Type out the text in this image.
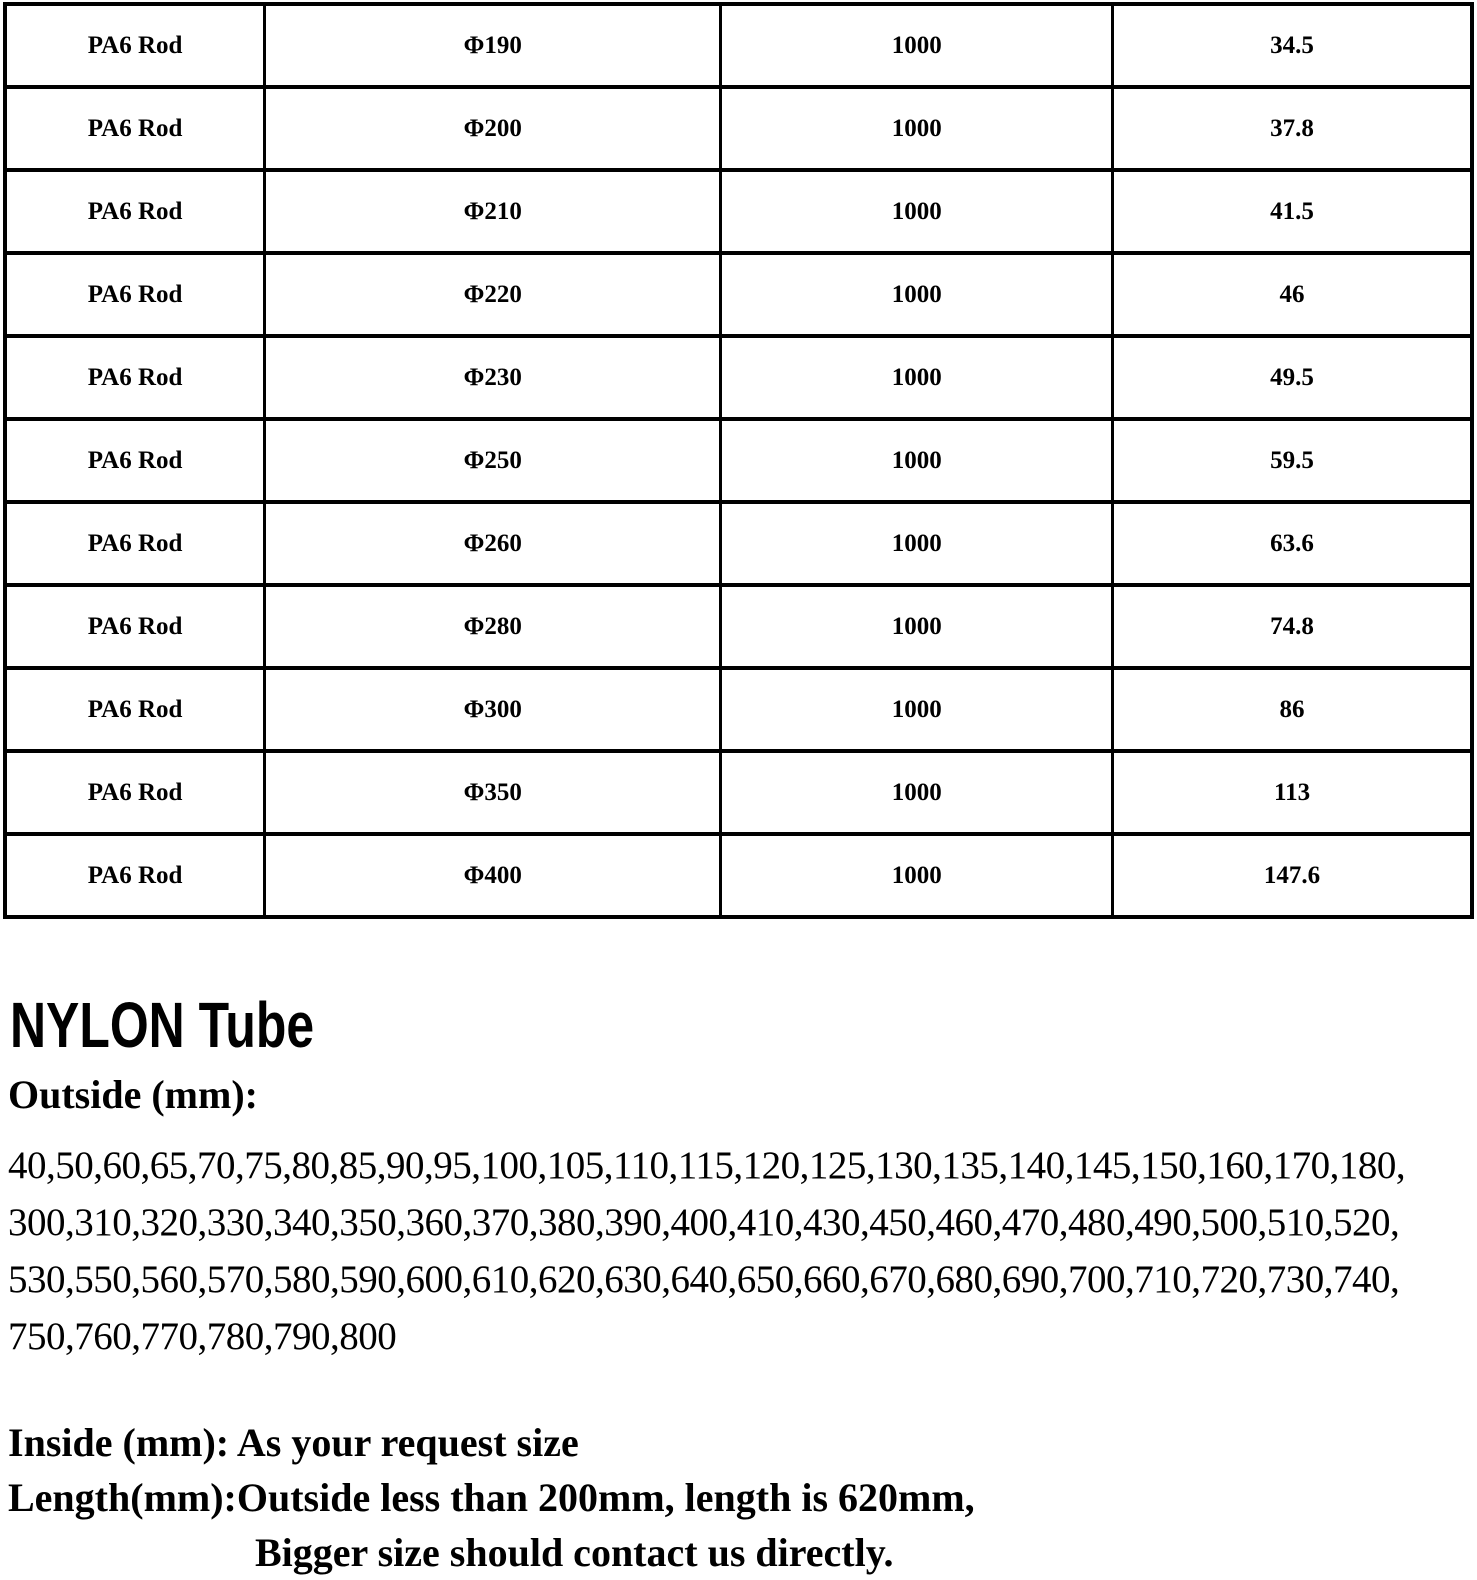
PA6 Rod	Φ190	1000	34.5
PA6 Rod	Φ200	1000	37.8
PA6 Rod	Φ210	1000	41.5
PA6 Rod	Φ220	1000	46
PA6 Rod	Φ230	1000	49.5
PA6 Rod	Φ250	1000	59.5
PA6 Rod	Φ260	1000	63.6
PA6 Rod	Φ280	1000	74.8
PA6 Rod	Φ300	1000	86
PA6 Rod	Φ350	1000	113
PA6 Rod	Φ400	1000	147.6
NYLON Tube
Outside (mm):
40,50,60,65,70,75,80,85,90,95,100,105,110,115,120,125,130,135,140,145,150,160,170,180,
300,310,320,330,340,350,360,370,380,390,400,410,430,450,460,470,480,490,500,510,520,
530,550,560,570,580,590,600,610,620,630,640,650,660,670,680,690,700,710,720,730,740,
750,760,770,780,790,800
Inside (mm): As your request size
Length(mm):Outside less than 200mm, length is 620mm,
Bigger size should contact us directly.
